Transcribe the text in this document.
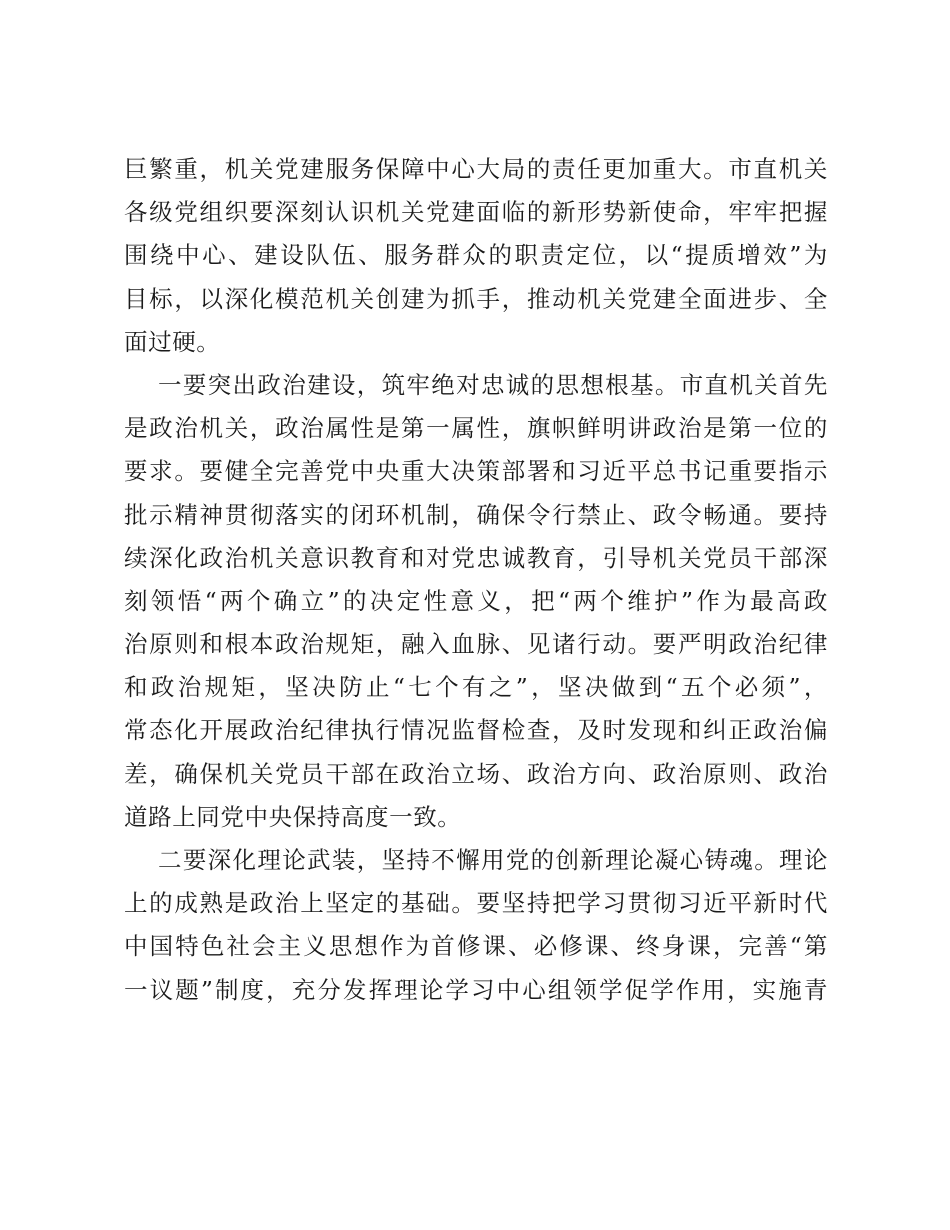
巨繁重，机关党建服务保障中心大局的责任更加重大。市直机关
各级党组织要深刻认识机关党建面临的新形势新使命，牢牢把握
围绕中心、建设队伍、服务群众的职责定位，以“提质增效”为
目标，以深化模范机关创建为抓手，推动机关党建全面进步、全
面过硬。
一要突出政治建设，筑牢绝对忠诚的思想根基。市直机关首先
是政治机关，政治属性是第一属性，旗帜鲜明讲政治是第一位的
要求。要健全完善党中央重大决策部署和习近平总书记重要指示
批示精神贯彻落实的闭环机制，确保令行禁止、政令畅通。要持
续深化政治机关意识教育和对党忠诚教育，引导机关党员干部深
刻领悟“两个确立”的决定性意义，把“两个维护”作为最高政
治原则和根本政治规矩，融入血脉、见诸行动。要严明政治纪律
和政治规矩，坚决防止“七个有之”，坚决做到“五个必须”，
常态化开展政治纪律执行情况监督检查，及时发现和纠正政治偏
差，确保机关党员干部在政治立场、政治方向、政治原则、政治
道路上同党中央保持高度一致。
二要深化理论武装，坚持不懈用党的创新理论凝心铸魂。理论
上的成熟是政治上坚定的基础。要坚持把学习贯彻习近平新时代
中国特色社会主义思想作为首修课、必修课、终身课，完善“第
一议题”制度，充分发挥理论学习中心组领学促学作用，实施青
